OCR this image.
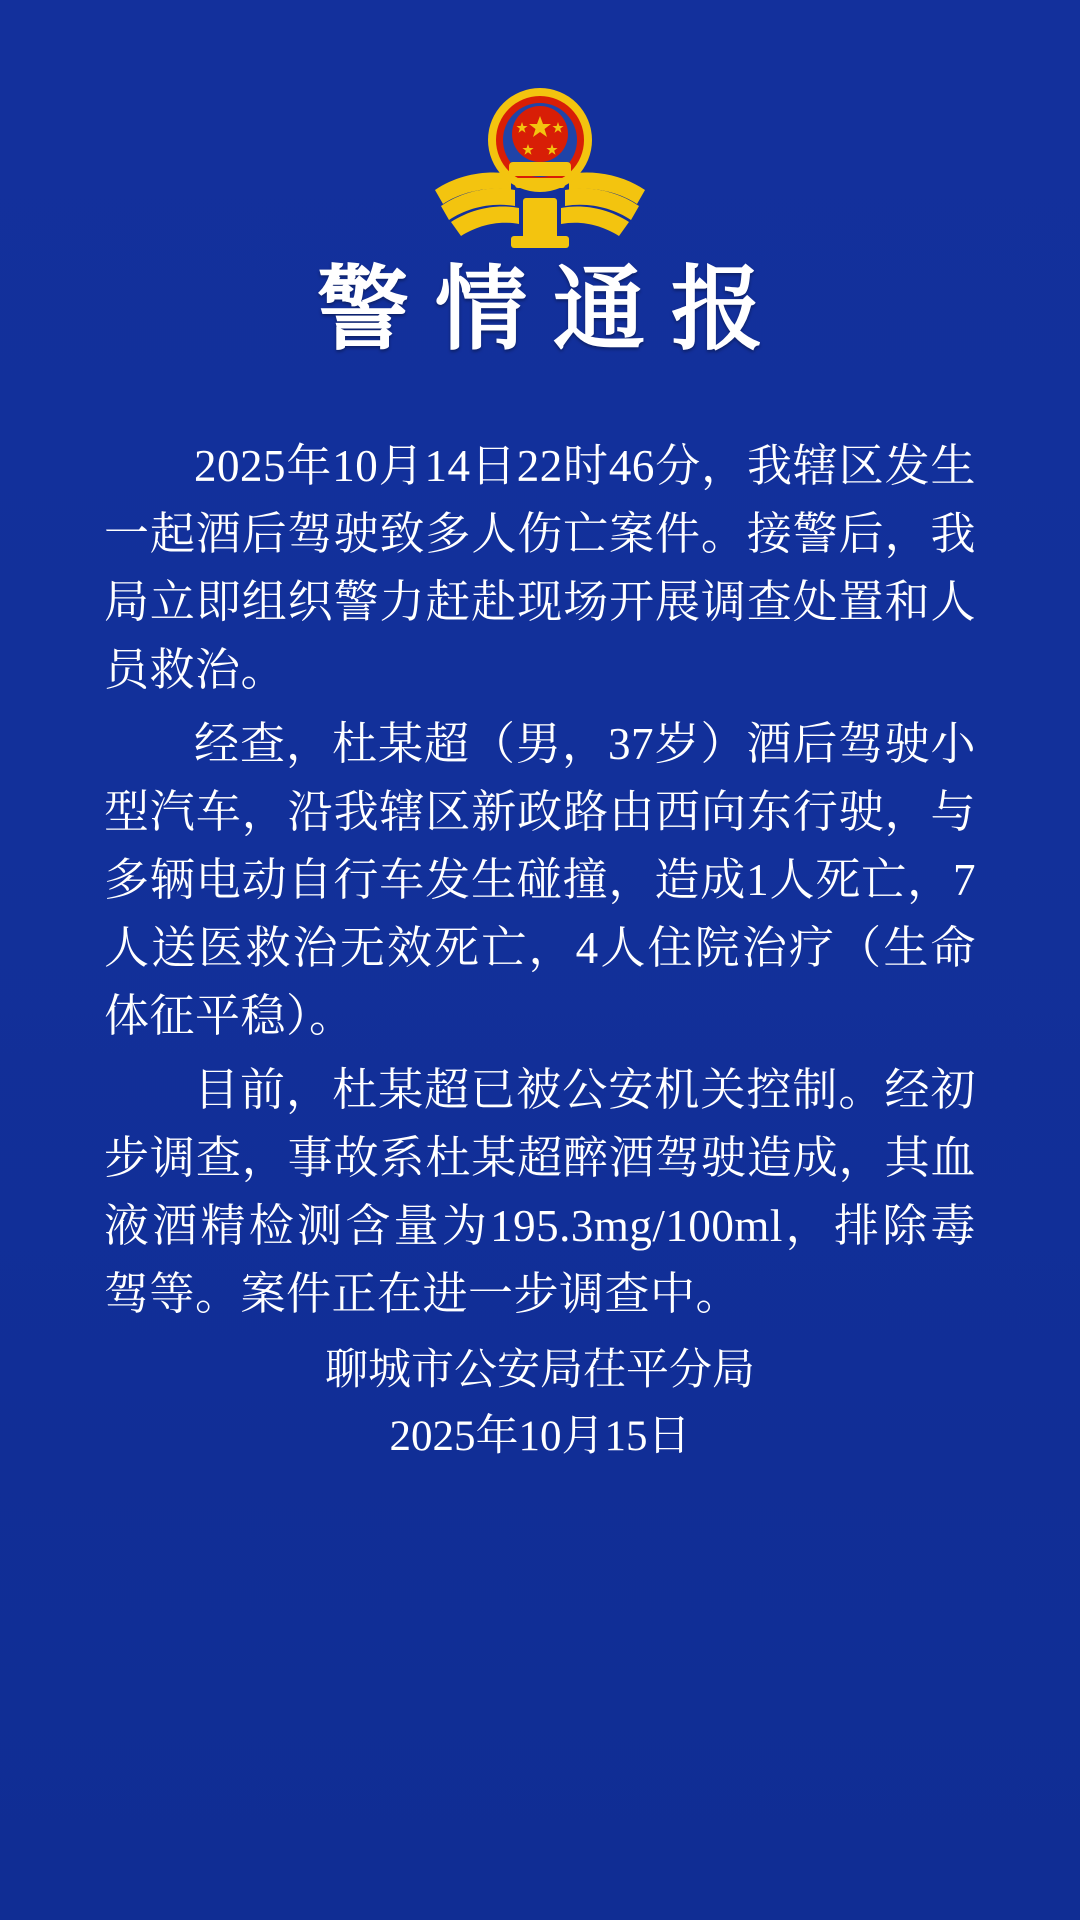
警情通报

2025年10月14日22时46分，我辖区发生一起酒后驾驶致多人伤亡案件。接警后，我局立即组织警力赶赴现场开展调查处置和人员救治。

经查，杜某超（男，37岁）酒后驾驶小型汽车，沿我辖区新政路由西向东行驶，与多辆电动自行车发生碰撞，造成1人死亡，7人送医救治无效死亡，4人住院治疗（生命体征平稳）。

目前，杜某超已被公安机关控制。经初步调查，事故系杜某超醉酒驾驶造成，其血液酒精检测含量为195.3mg/100ml，排除毒驾等。案件正在进一步调查中。

聊城市公安局茌平分局
2025年10月15日
